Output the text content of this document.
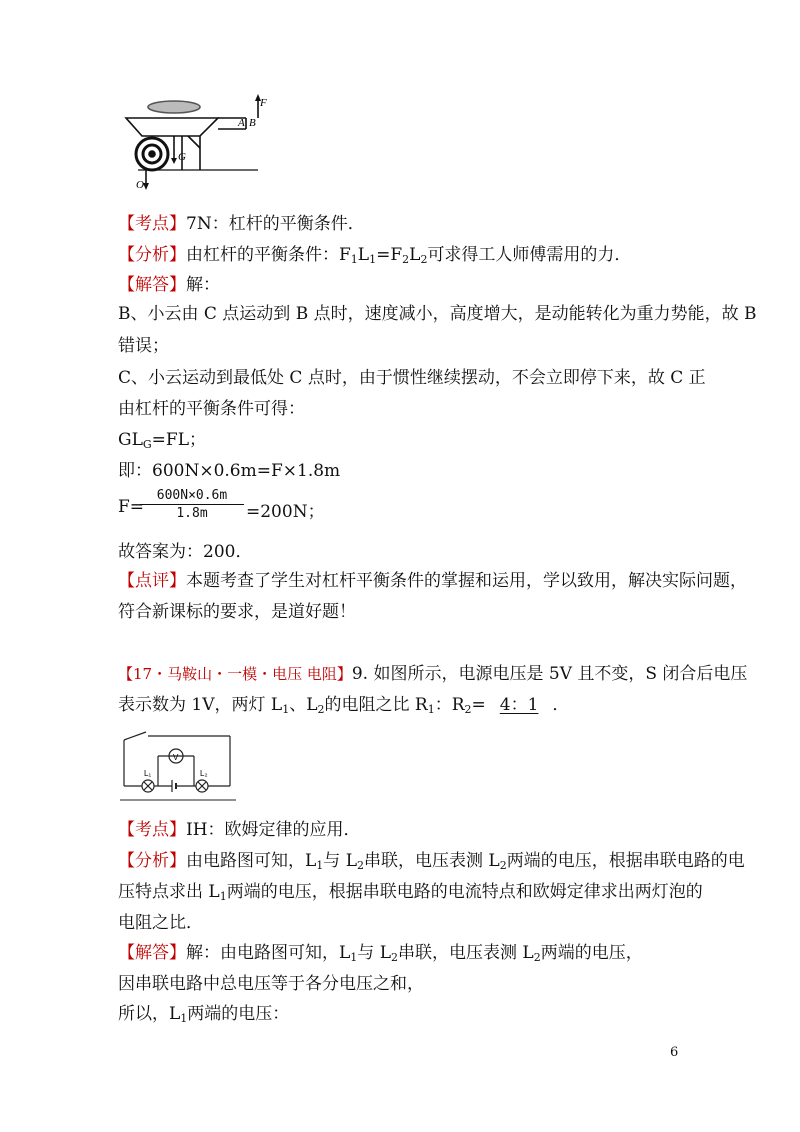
F
A B
G
O
【考点】7N：杠杆的平衡条件．
【分析】由杠杆的平衡条件：$F_1L_1=F_2L_2$可求得工人师傅需用的力．
【解答】解：
B、小云由 C 点运动到 B 点时，速度减小，高度增大，是动能转化为重力势能，故 B
错误；
C、小云运动到最低处 C 点时，由于惯性继续摆动，不会立即停下来，故 C 正
由杠杆的平衡条件可得：
$GL_G=FL$；
即：600N×0.6m=F×1.8m
F=
600N×0.6m
1.8m	=200N；
故答案为：200．
【点评】本题考查了学生对杠杆平衡条件的掌握和运用，学以致用，解决实际问题，
符合新课标的要求，是道好题！
【17・马鞍山・一模・电压 电阻】9. 如图所示，电源电压是 5V 且不变，S 闭合后电压
表示数为 1V，两灯 $L_1$、$L_2$的电阻之比 $R_1$：$R_2= 4$：1 ．
V
L₁	L₂
【考点】IH：欧姆定律的应用．
【分析】由电路图可知，$L_1$与 $L_2$串联，电压表测 $L_2$两端的电压，根据串联电路的电
压特点求出 $L_1$两端的电压，根据串联电路的电流特点和欧姆定律求出两灯泡的
电阻之比．
【解答】解：由电路图可知，$L_1$与 $L_2$串联，电压表测 $L_2$两端的电压，
因串联电路中总电压等于各分电压之和，
所以，$L_1$两端的电压：
6
